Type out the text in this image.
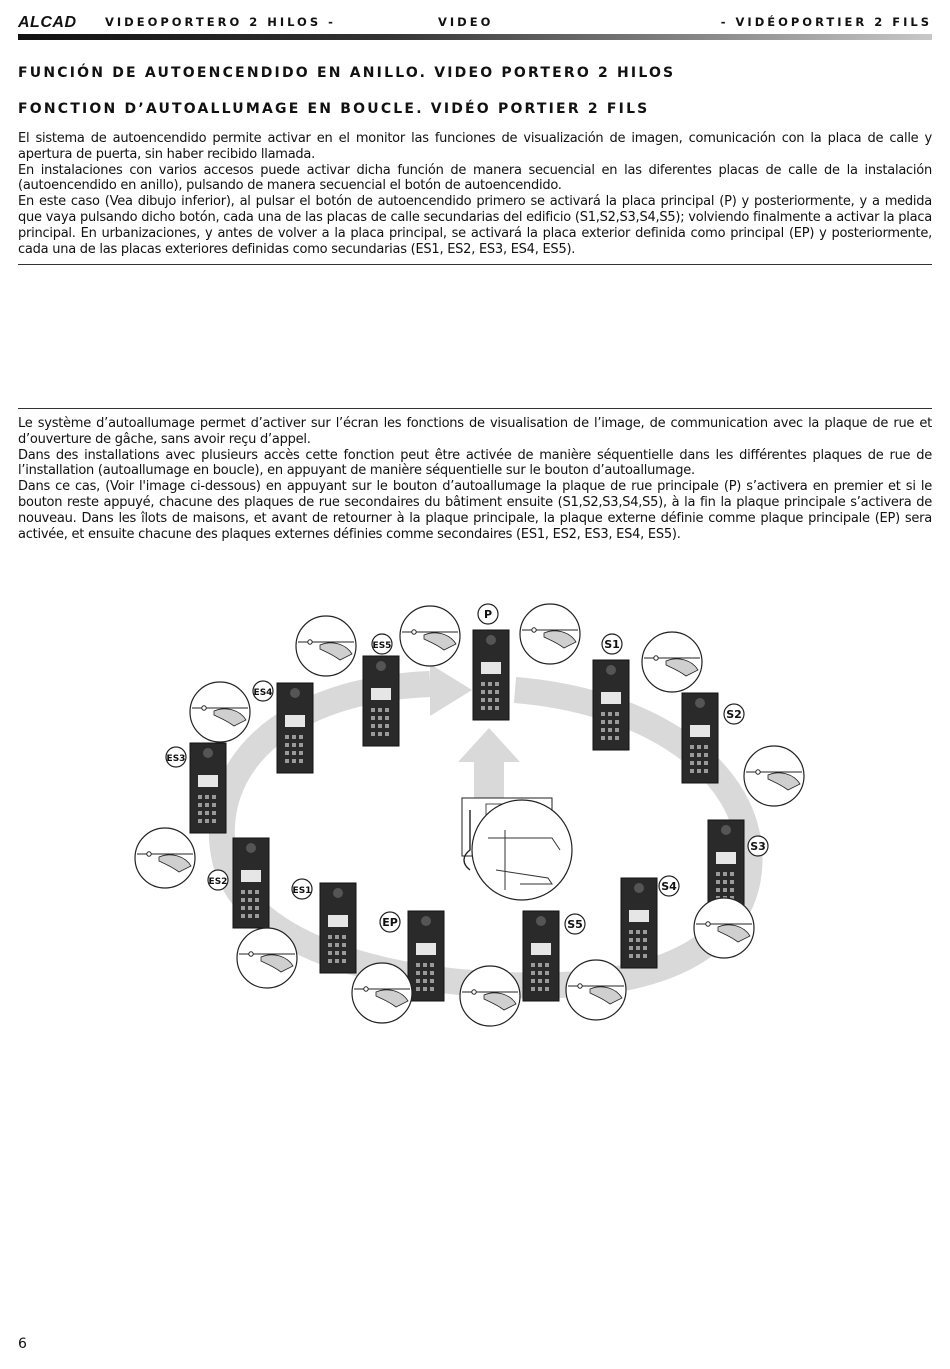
ALCAD VIDEOPORTERO 2 HILOS -	VIDEO	- VIDÉOPORTIER 2 FILS
FUNCIÓN DE AUTOENCENDIDO EN ANILLO. VIDEO PORTERO 2 HILOS
FONCTION D’AUTOALLUMAGE EN BOUCLE. VIDÉO PORTIER 2 FILS

El sistema de autoencendido permite activar en el monitor las funciones de visualización de imagen, comunicación con la placa de calle y apertura de puerta, sin haber recibido llamada.

En instalaciones con varios accesos puede activar dicha función de manera secuencial en las diferentes placas de calle de la instalación (autoencendido en anillo), pulsando de manera secuencial el botón de autoencendido.

En este caso (Vea dibujo inferior), al pulsar el botón de autoencendido primero se activará la placa principal (P) y posteriormente, y a medida que vaya pulsando dicho botón, cada una de las placas de calle secundarias del edificio (S1,S2,S3,S4,S5); volviendo finalmente a activar la placa principal. En urbanizaciones, y antes de volver a la placa principal, se activará la placa exterior definida como principal (EP) y posteriormente, cada una de las placas exteriores definidas como secundarias (ES1, ES2, ES3, ES4, ES5).

Le système d’autoallumage permet d’activer sur l’écran les fonctions de visualisation de l’image, de communication avec la plaque de rue et d’ouverture de gâche, sans avoir reçu d’appel.

Dans des installations avec plusieurs accès cette fonction peut être activée de manière séquentielle dans les différentes plaques de rue de l’installation (autoallumage en boucle), en appuyant de manière séquentielle sur le bouton d’autoallumage.

Dans ce cas, (Voir l'image ci-dessous) en appuyant sur le bouton d’autoallumage la plaque de rue principale (P) s’activera en premier et si le bouton reste appuyé, chacune des plaques de rue secondaires du bâtiment ensuite (S1,S2,S3,S4,S5), à la fin la plaque principale s’activera de nouveau. Dans les îlots de maisons, et avant de retourner à la plaque principale, la plaque externe définie comme plaque principale (EP) sera activée, et ensuite chacune des plaques externes définies comme secondaires (ES1, ES2, ES3, ES4, ES5).

P
S1
S2
S3
S4
S5
EP
ES1
ES2
ES3
ES4
ES5
6
